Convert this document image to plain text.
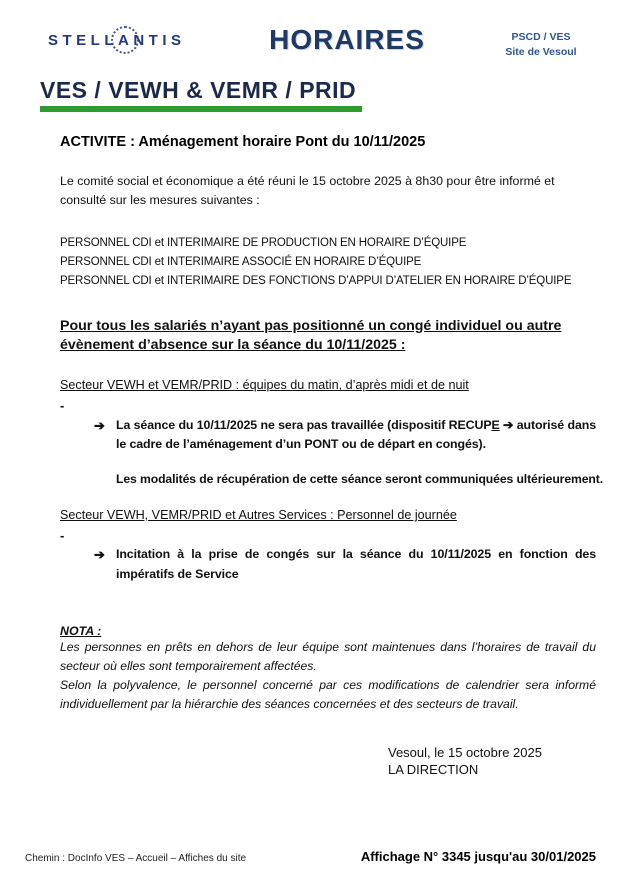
STELLANTIS	HORAIRES	PSCD / VES
Site de Vesoul
VES / VEWH & VEMR / PRID
ACTIVITE : Aménagement horaire Pont du 10/11/2025
Le comité social et économique a été réuni le 15 octobre 2025 à 8h30 pour être informé et consulté sur les mesures suivantes :
PERSONNEL CDI et INTERIMAIRE DE PRODUCTION EN HORAIRE D’ÉQUIPE
PERSONNEL CDI et INTERIMAIRE ASSOCIÉ EN HORAIRE D’ÉQUIPE
PERSONNEL CDI et INTERIMAIRE DES FONCTIONS D’APPUI D’ATELIER EN HORAIRE D’ÉQUIPE
Pour tous les salariés n’ayant pas positionné un congé individuel ou autre évènement d’absence sur la séance du 10/11/2025 :
Secteur VEWH et VEMR/PRID : équipes du matin, d’après midi et de nuit
-
➔ La séance du 10/11/2025 ne sera pas travaillée (dispositif RECUPE ➔ autorisé dans le cadre de l’aménagement d’un PONT ou de départ en congés).
Les modalités de récupération de cette séance seront communiquées ultérieurement.
Secteur VEWH, VEMR/PRID et Autres Services : Personnel de journée
-
➔ Incitation à la prise de congés sur la séance du 10/11/2025 en fonction des impératifs de Service
NOTA :
Les personnes en prêts en dehors de leur équipe sont maintenues dans l’horaires de travail du secteur où elles sont temporairement affectées.
Selon la polyvalence, le personnel concerné par ces modifications de calendrier sera informé individuellement par la hiérarchie des séances concernées et des secteurs de travail.
Vesoul, le 15 octobre 2025
LA DIRECTION
Chemin : DocInfo VES – Accueil – Affiches du site	Affichage N° 3345 jusqu'au 30/01/2025
